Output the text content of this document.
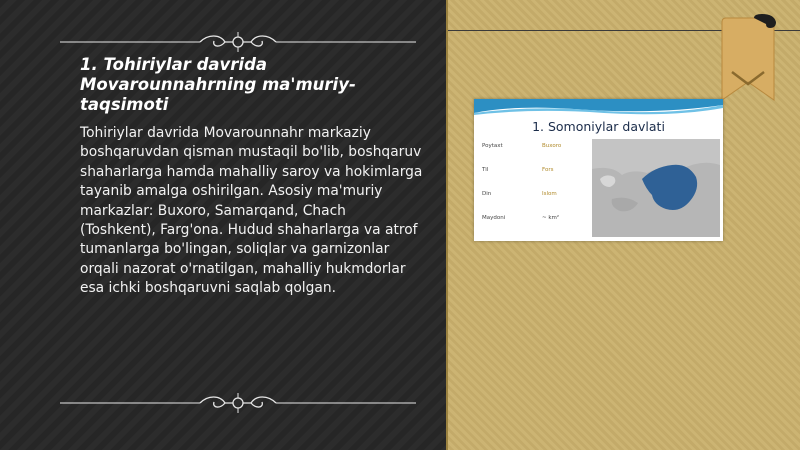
1. Tohiriylar davrida Movarounnahrning ma'muriy-taqsimoti
Tohiriylar davrida Movarounnahr markaziy boshqaruvdan qisman mustaqil bo'lib, boshqaruv shaharlarga hamda mahalliy saroy va hokimlarga tayanib amalga oshirilgan. Asosiy ma'muriy markazlar: Buxoro, Samarqand, Chach (Toshkent), Farg'ona. Hudud shaharlarga va atrof tumanlarga bo'lingan, soliqlar va garnizonlar orqali nazorat o'rnatilgan, mahalliy hukmdorlar esa ichki boshqaruvni saqlab qolgan.
1. Somoniylar davlati
Poytaxt	Buxoro
Til	Fors
Din	Islom
Maydoni	~ km²
